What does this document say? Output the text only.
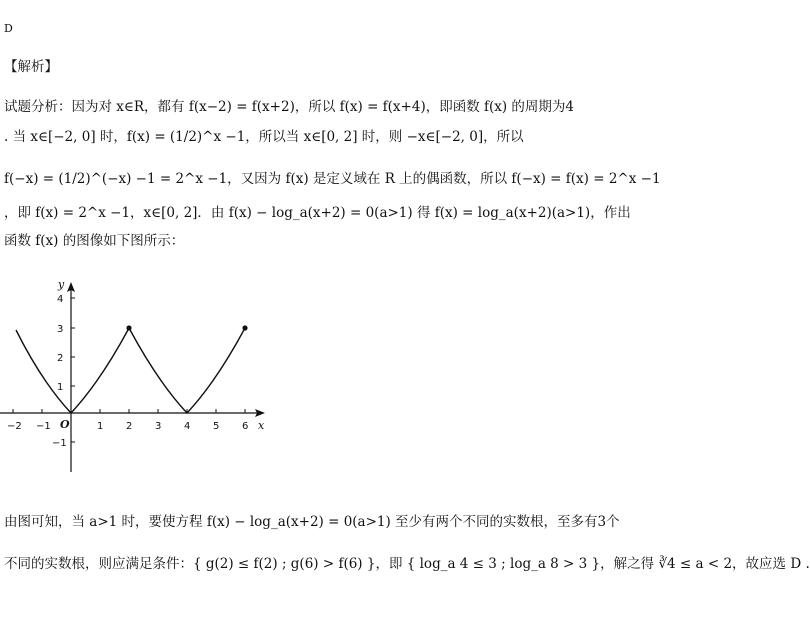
D
【解析】
试题分析：因为对 x∈R，都有 f(x−2) = f(x+2)，所以 f(x) = f(x+4)，即函数 f(x) 的周期为4
. 当 x∈[−2, 0] 时，f(x) = (1/2)^x −1，所以当 x∈[0, 2] 时，则 −x∈[−2, 0]，所以
f(−x) = (1/2)^(−x) −1 = 2^x −1，又因为 f(x) 是定义域在 R 上的偶函数，所以 f(−x) = f(x) = 2^x −1
，即 f(x) = 2^x −1，x∈[0, 2]．由 f(x) − log_a(x+2) = 0(a>1) 得 f(x) = log_a(x+2)(a>1)，作出
函数 f(x) 的图像如下图所示：
y
x
O
−2 −1	1 2 3 4 5 6
4
3
2
1
−1
由图可知，当 a>1 时，要使方程 f(x) − log_a(x+2) = 0(a>1) 至少有两个不同的实数根，至多有3个
不同的实数根，则应满足条件：{ g(2) ≤ f(2) ; g(6) > f(6) }，即 { log_a 4 ≤ 3 ; log_a 8 > 3 }，解之得 ∛4 ≤ a < 2，故应选 D .
